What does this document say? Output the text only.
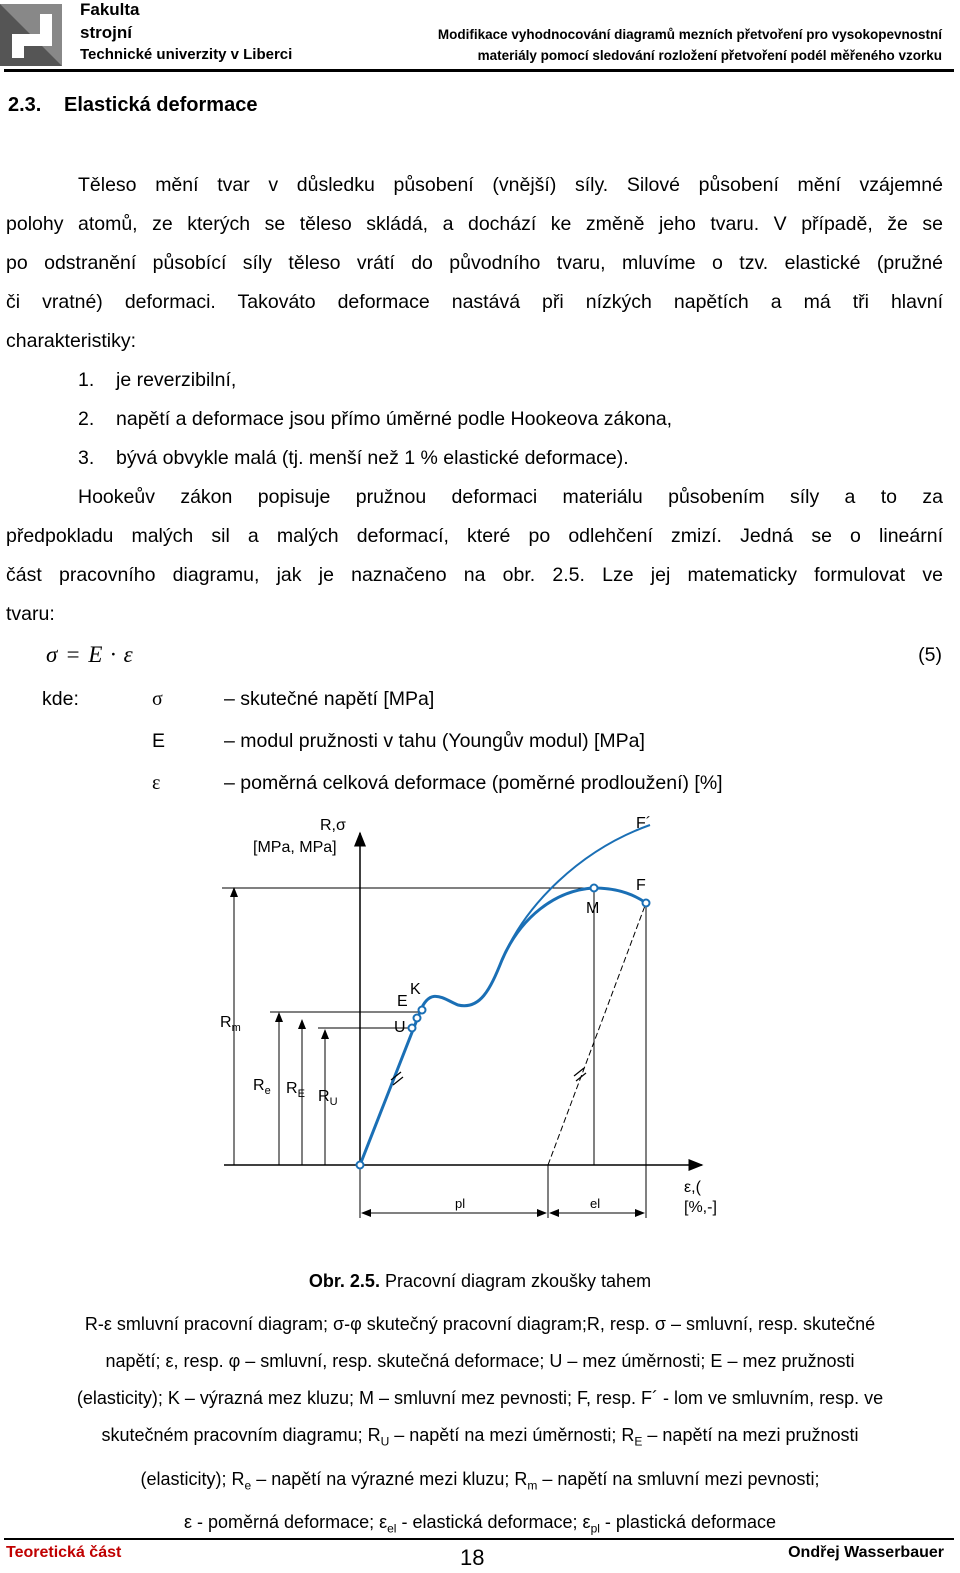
Fakulta
strojní
Technické univerzity v Liberci
Modifikace vyhodnocování diagramů mezních přetvoření pro vysokopevnostní
materiály pomocí sledování rozložení přetvoření podél měřeného vzorku
2.3. Elastická deformace
Těleso mění tvar v důsledku působení (vnější) síly. Silové působení mění vzájemné
polohy atomů, ze kterých se těleso skládá, a dochází ke změně jeho tvaru. V případě, že se
po odstranění působící síly těleso vrátí do původního tvaru, mluvíme o tzv. elastické (pružné
či vratné) deformaci. Takováto deformace nastává při nízkých napětích a má tři hlavní
charakteristiky:
1. je reverzibilní,
2. napětí a deformace jsou přímo úměrné podle Hookeova zákona,
3. bývá obvykle malá (tj. menší než 1 % elastické deformace).
Hookeův zákon popisuje pružnou deformaci materiálu působením síly a to za
předpokladu malých sil a malých deformací, které po odlehčení zmizí. Jedná se o lineární
část pracovního diagramu, jak je naznačeno na obr. 2.5. Lze jej matematicky formulovat ve
tvaru:
σ = E · ε	(5)
kde:	σ	– skutečné napětí [MPa]
E	– modul pružnosti v tahu (Youngův modul) [MPa]
ε	– poměrná celková deformace (poměrné prodloužení) [%]
R,σ
[MPa, MPa]
F´
F
M
K
E
U
$R_m$
$R_e$ $R_E$ $R_U$
pl	el
ε,(
[%,-]
Obr. 2.5. Pracovní diagram zkoušky tahem
R-ε smluvní pracovní diagram; σ-φ skutečný pracovní diagram;R, resp. σ – smluvní, resp. skutečné
napětí; ε, resp. φ – smluvní, resp. skutečná deformace; U – mez úměrnosti; E – mez pružnosti
(elasticity); K – výrazná mez kluzu; M – smluvní mez pevnosti; F, resp. F´ - lom ve smluvním, resp. ve
skutečném pracovním diagramu; $R_U$ – napětí na mezi úměrnosti; $R_E$ – napětí na mezi pružnosti
(elasticity); $R_e$ – napětí na výrazné mezi kluzu; $R_m$ – napětí na smluvní mezi pevnosti;
ε - poměrná deformace; $\varepsilon_{el}$ - elastická deformace; $\varepsilon_{pl}$ - plastická deformace
Teoretická část	18	Ondřej Wasserbauer
